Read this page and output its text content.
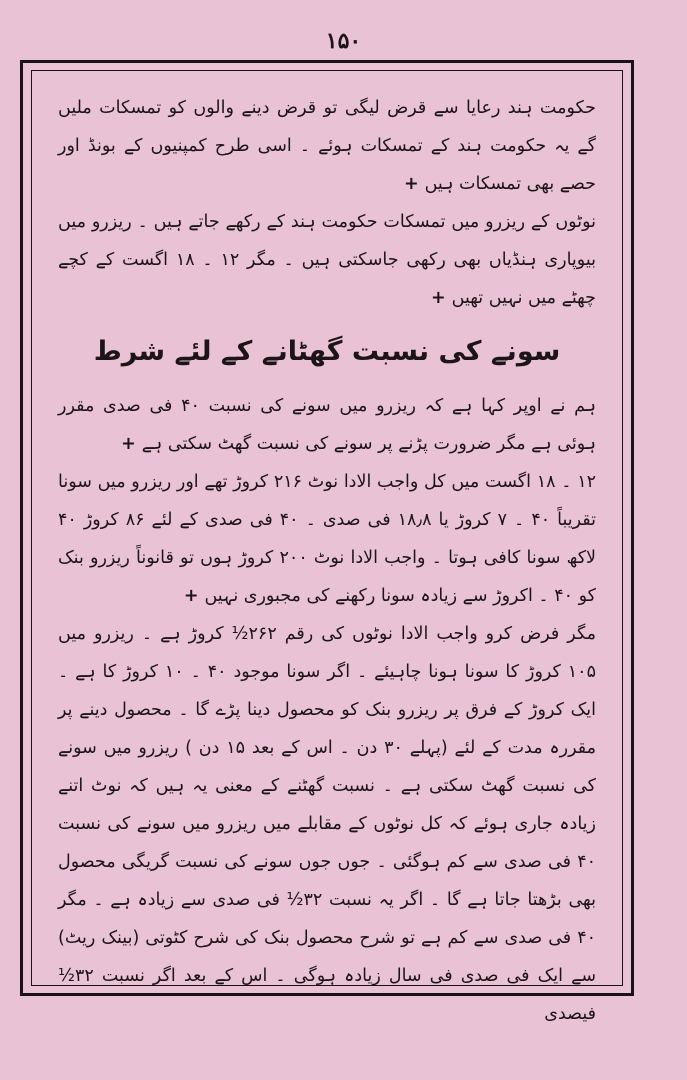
۱۵۰

حکومت ہند رعایا سے قرض لیگی تو قرض دینے والوں کو تمسکات ملیں گے یہ حکومت ہند کے تمسکات ہوئے ۔ اسی طرح کمپنیوں کے بونڈ اور حصے بھی تمسکات ہیں+

نوٹوں کے ریزرو میں تمسکات حکومت ہند کے رکھے جاتے ہیں ۔ ریزرو میں بیوپاری ہنڈیاں بھی رکھی جاسکتی ہیں ۔ مگر ۱۲ ۔ ۱۸ اگست کے کچے چھٹے میں نہیں تھیں+

سونے کی نسبت گھٹانے کے لئے شرط

ہم نے اوپر کہا ہے کہ ریزرو میں سونے کی نسبت ۴۰ فی صدی مقرر ہوئی ہے مگر ضرورت پڑنے پر سونے کی نسبت گھٹ سکتی ہے+

۱۲ ۔ ۱۸ اگست میں کل واجب الادا نوٹ ۲۱۶ کروڑ تھے اور ریزرو میں سونا تقریباً ۴۰ ۔ ۷ کروڑ یا ۱۸٫۸ فی صدی ۔ ۴۰ فی صدی کے لئے ۸۶ کروڑ ۴۰ لاکھ سونا کافی ہوتا ۔ واجب الادا نوٹ ۲۰۰ کروڑ ہوں تو قانوناً ریزرو بنک کو ۴۰ ۔ اکروڑ سے زیادہ سونا رکھنے کی مجبوری نہیں+

مگر فرض کرو واجب الادا نوٹوں کی رقم ۲۶۲½ کروڑ ہے ۔ ریزرو میں ۱۰۵ کروڑ کا سونا ہونا چاہیئے ۔ اگر سونا موجود ۴۰ ۔ ۱۰ کروڑ کا ہے ۔ ایک کروڑ کے فرق پر ریزرو بنک کو محصول دینا پڑے گا ۔ محصول دینے پر مقررہ مدت کے لئے (پہلے ۳۰ دن ۔ اس کے بعد ۱۵ دن ) ریزرو میں سونے کی نسبت گھٹ سکتی ہے ۔ نسبت گھٹنے کے معنی یہ ہیں کہ نوٹ اتنے زیادہ جاری ہوئے کہ کل نوٹوں کے مقابلے میں ریزرو میں سونے کی نسبت ۴۰ فی صدی سے کم ہوگئی ۔ جوں جوں سونے کی نسبت گریگی محصول بھی بڑھتا جاتا ہے گا ۔ اگر یہ نسبت ۳۲½ فی صدی سے زیادہ ہے ۔ مگر ۴۰ فی صدی سے کم ہے تو شرح محصول بنک کی شرح کٹوتی (بینک ریٹ) سے ایک فی صدی فی سال زیادہ ہوگی ۔ اس کے بعد اگر نسبت ۳۲½ فیصدی
